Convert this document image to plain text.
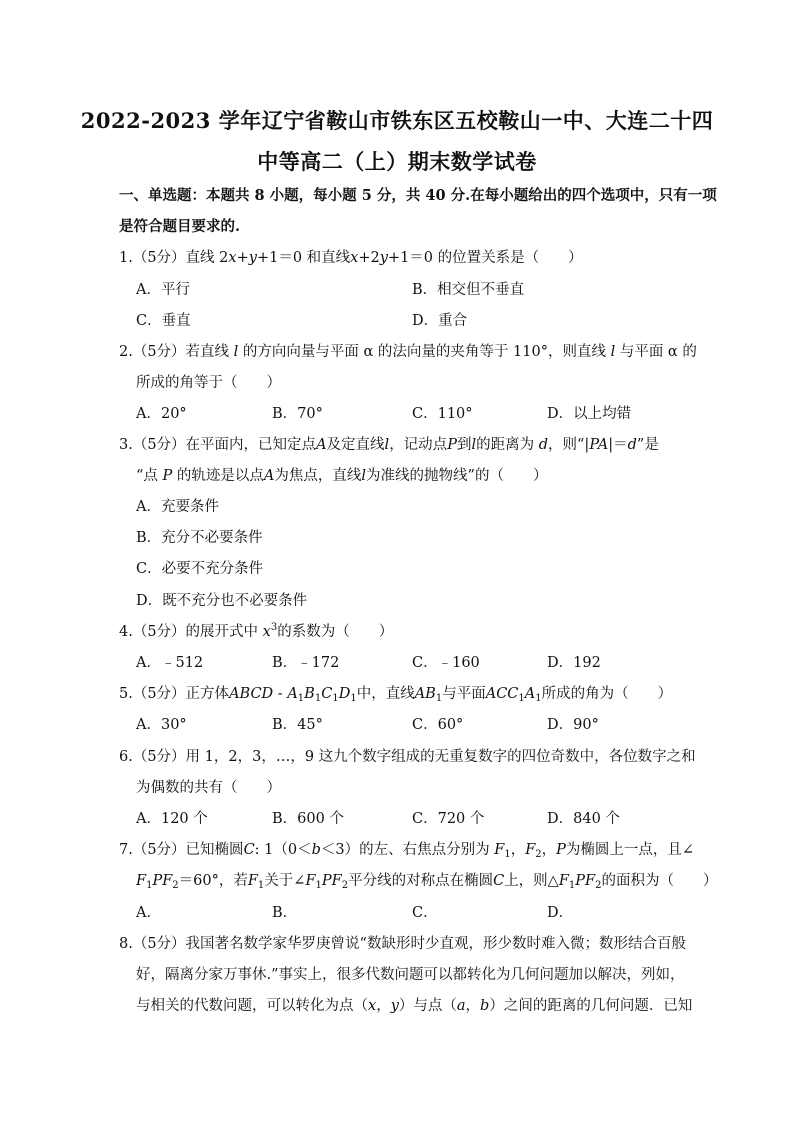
2022-2023 学年辽宁省鞍山市铁东区五校鞍山一中、大连二十四
中等高二（上）期末数学试卷
一、单选题：本题共 8 小题，每小题 5 分，共 40 分.在每小题给出的四个选项中，只有一项
是符合题目要求的.
1.（5分）直线 2x+y+1＝0 和直线x+2y+1＝0 的位置关系是（　　）
A．平行	B．相交但不垂直
C．垂直	D．重合
2.（5分）若直线 l 的方向向量与平面 α 的法向量的夹角等于 110°，则直线 l 与平面 α 的
所成的角等于（　　）
A．20°	B．70°	C．110°	D．以上均错
3.（5分）在平面内，已知定点A及定直线l，记动点P到l的距离为 d，则“|PA|＝d”是
“点 P 的轨迹是以点A为焦点，直线l为准线的抛物线”的（　　）
A．充要条件
B．充分不必要条件
C．必要不充分条件
D．既不充分也不必要条件
4.（5分）的展开式中 $x^3$的系数为（　　）
A．﹣512	B．﹣172	C．﹣160	D．192
5.（5分）正方体ABCD - $A_1B_1C_1D_1$中，直线$AB_1$与平面$ACC_1A_1$所成的角为（　　）
A．30°	B．45°	C．60°	D．90°
6.（5分）用 1，2，3，…，9 这九个数字组成的无重复数字的四位奇数中，各位数字之和
为偶数的共有（　　）
A．120 个	B．600 个	C．720 个	D．840 个
7.（5分）已知椭圆C: 1（0＜b＜3）的左、右焦点分别为 $F_1$，$F_2$，P为椭圆上一点，且∠
$F_1PF_2=60^\circ$，若$F_1$关于$\angle F_1PF_2$平分线的对称点在椭圆C上，则$\triangle F_1PF_2$的面积为（　　）
A．	B．	C．	D．
8.（5分）我国著名数学家华罗庚曾说“数缺形时少直观，形少数时难入微；数形结合百般
好，隔离分家万事休.”事实上，很多代数问题可以都转化为几何问题加以解决，列如，
与相关的代数问题，可以转化为点（x，y）与点（a，b）之间的距离的几何问题．已知
